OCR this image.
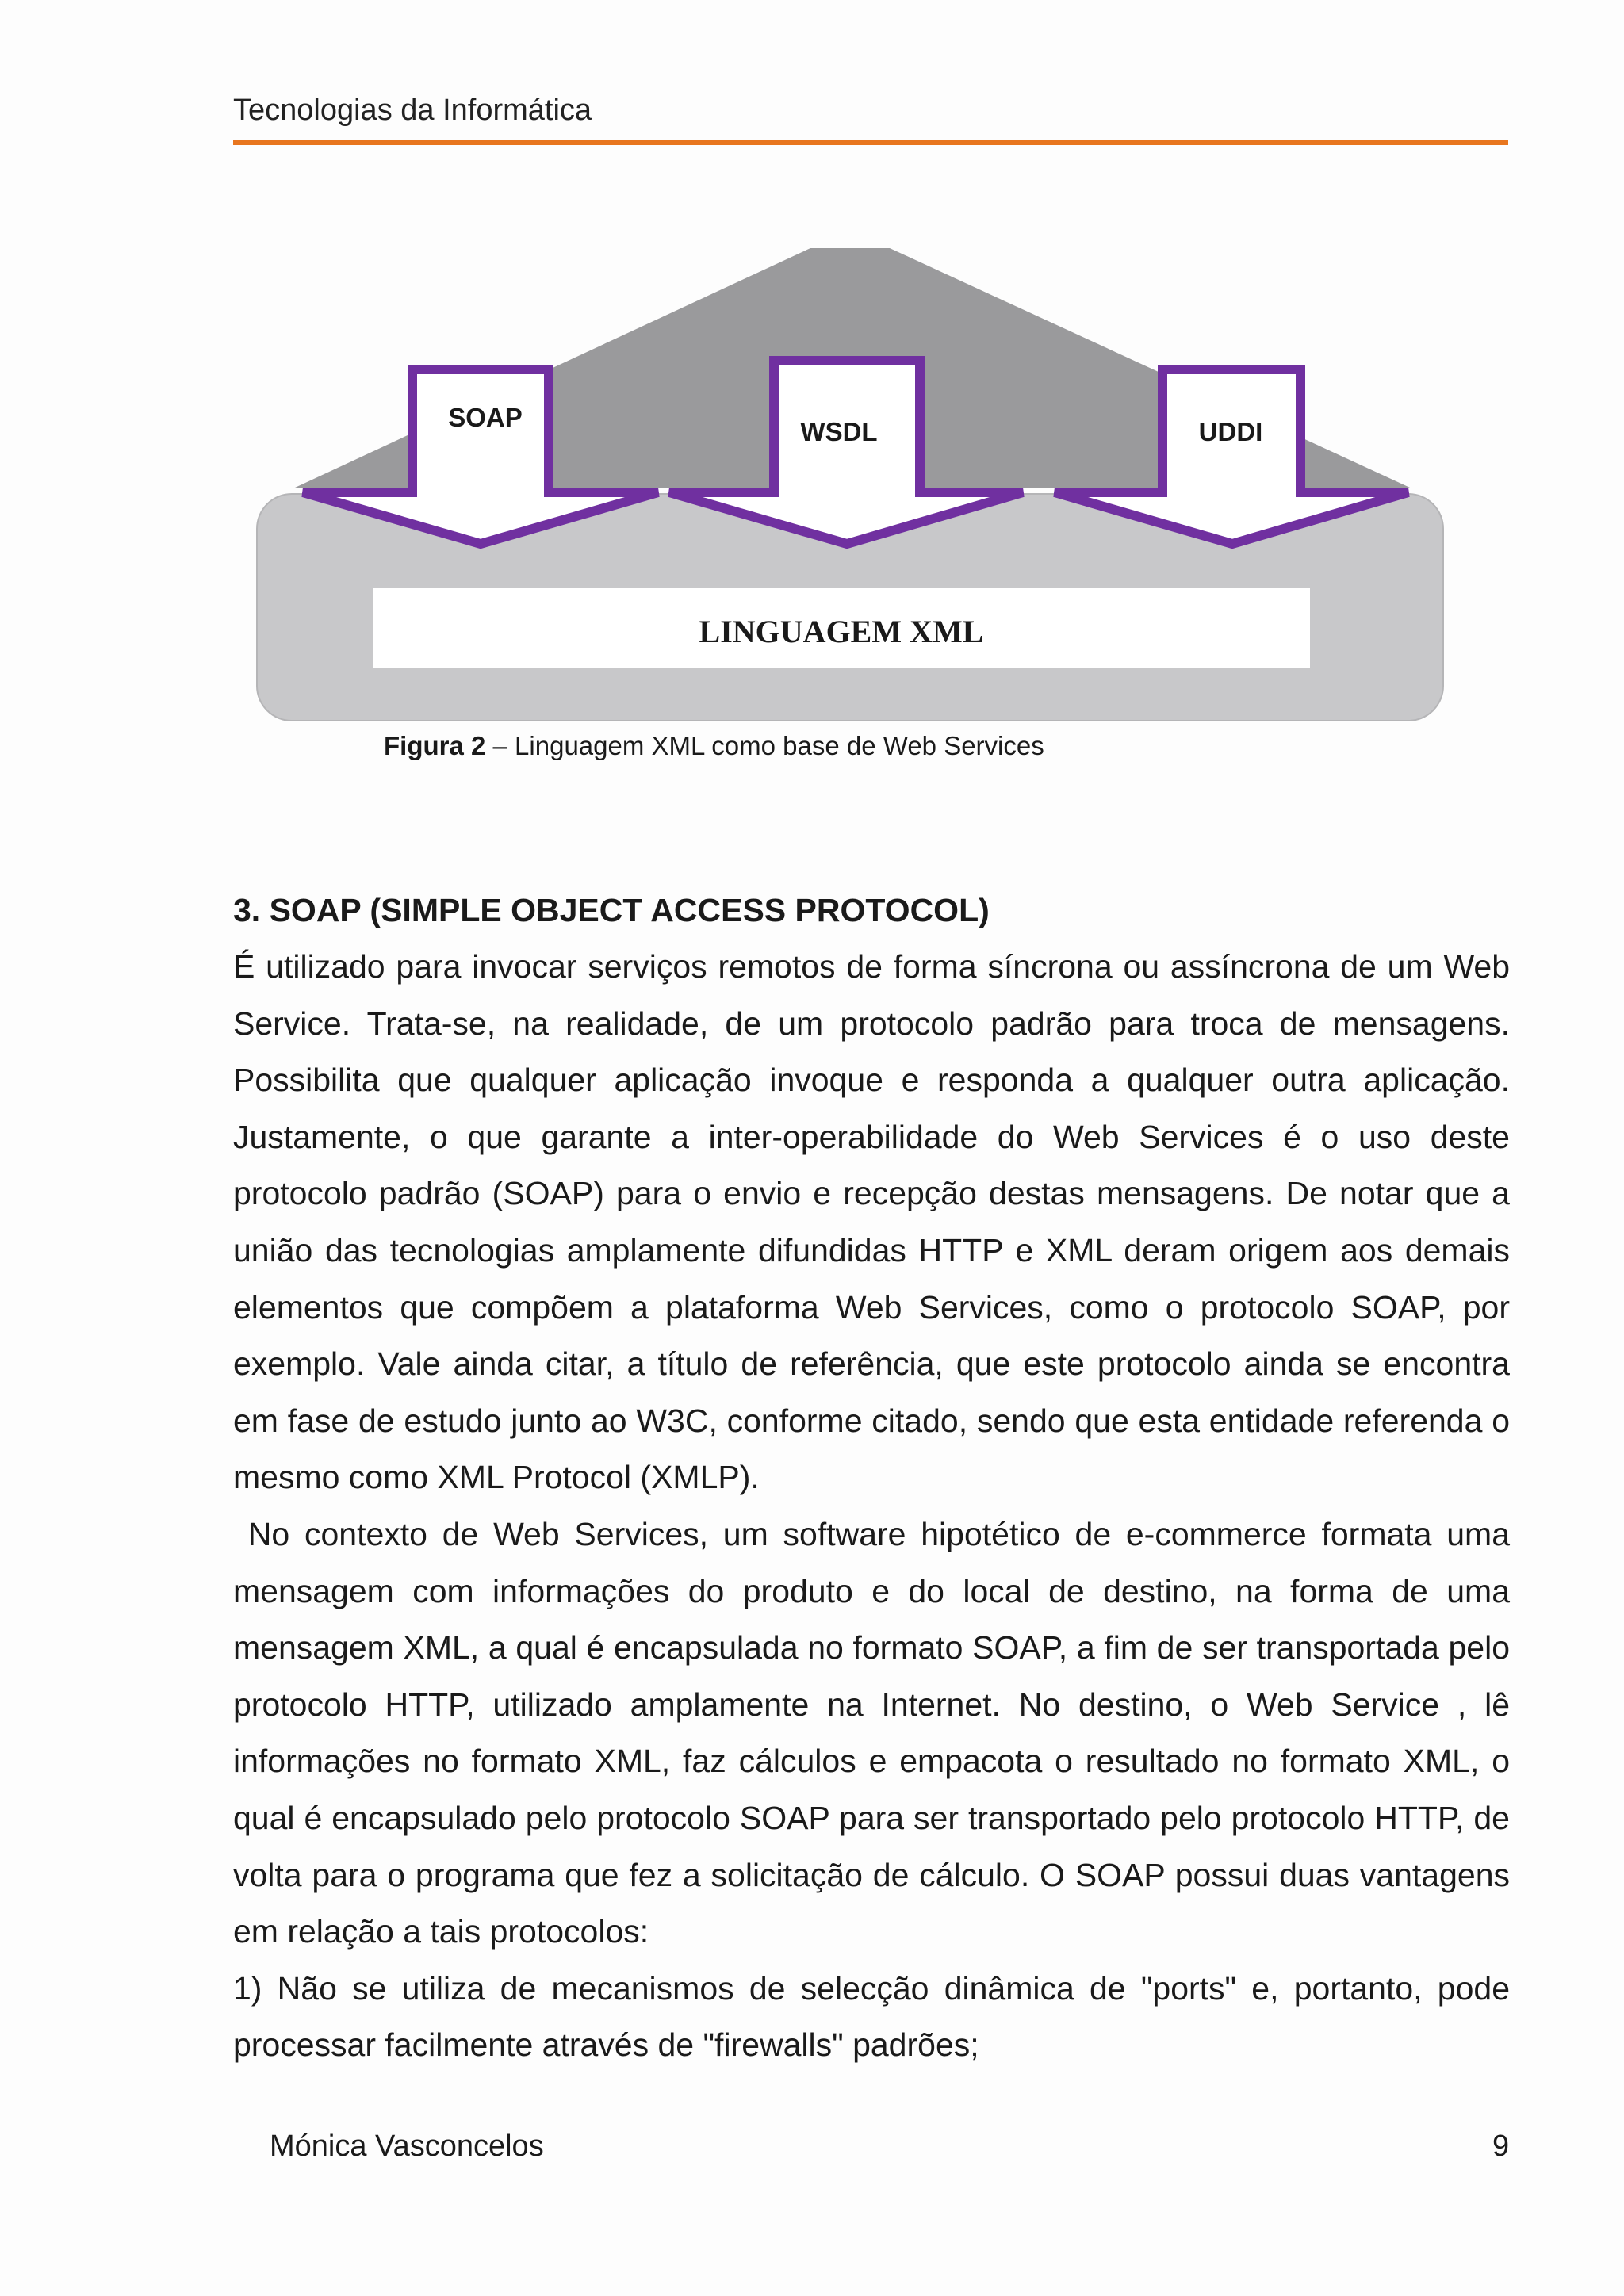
Tecnologias da Informática
LINGUAGEM XML
SOAP	WSDL	UDDI
Figura 2 – Linguagem XML como base de Web Services
3. SOAP (SIMPLE OBJECT ACCESS PROTOCOL)

É utilizado para invocar serviços remotos de forma síncrona ou assíncrona de um Web Service. Trata-se, na realidade, de um protocolo padrão para troca de mensagens. Possibilita que qualquer aplicação invoque e responda a qualquer outra aplicação. Justamente, o que garante a inter-operabilidade do Web Services é o uso deste protocolo padrão (SOAP) para o envio e recepção destas mensagens. De notar que a união das tecnologias amplamente difundidas HTTP e XML deram origem aos demais elementos que compõem a plataforma Web Services, como o protocolo SOAP, por exemplo. Vale ainda citar, a título de referência, que este protocolo ainda se encontra em fase de estudo junto ao W3C, conforme citado, sendo que esta entidade referenda o mesmo como XML Protocol (XMLP).

No contexto de Web Services, um software hipotético de e-commerce formata uma mensagem com informações do produto e do local de destino, na forma de uma mensagem XML, a qual é encapsulada no formato SOAP, a fim de ser transportada pelo protocolo HTTP, utilizado amplamente na Internet. No destino, o Web Service , lê informações no formato XML, faz cálculos e empacota o resultado no formato XML, o qual é encapsulado pelo protocolo SOAP para ser transportado pelo protocolo HTTP, de volta para o programa que fez a solicitação de cálculo. O SOAP possui duas vantagens em relação a tais protocolos:

1) Não se utiliza de mecanismos de selecção dinâmica de "ports" e, portanto, pode processar facilmente através de "firewalls" padrões;

Mónica Vasconcelos	9
